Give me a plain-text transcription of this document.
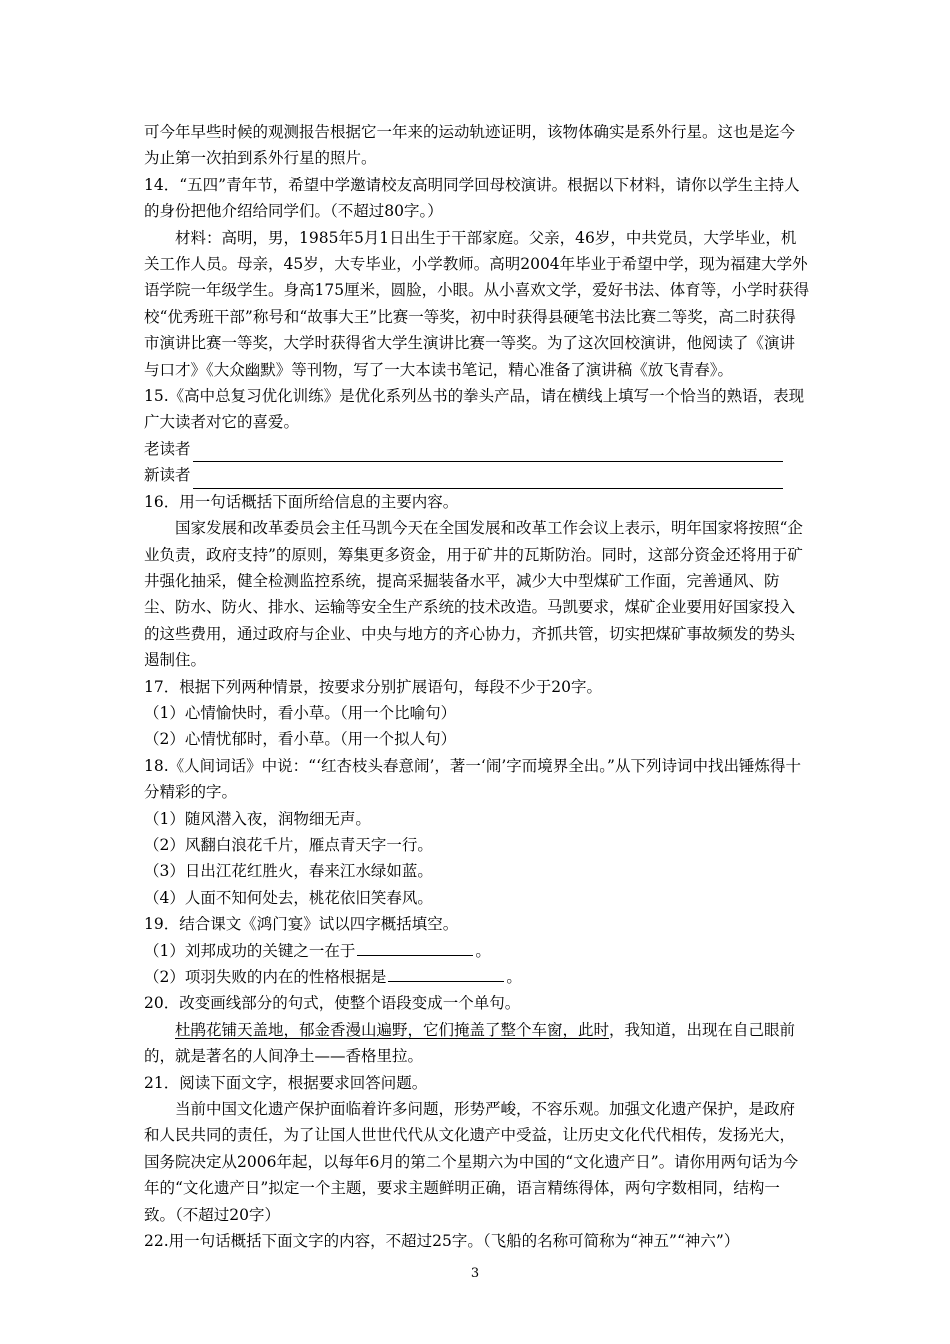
可今年早些时候的观测报告根据它一年来的运动轨迹证明，该物体确实是系外行星。这也是迄今为止第一次拍到系外行星的照片。

14．“五四”青年节，希望中学邀请校友高明同学回母校演讲。根据以下材料，请你以学生主持人的身份把他介绍给同学们。（不超过80字。）

材料：高明，男，1985年5月1日出生于干部家庭。父亲，46岁，中共党员，大学毕业，机关工作人员。母亲，45岁，大专毕业，小学教师。高明2004年毕业于希望中学，现为福建大学外语学院一年级学生。身高175厘米，圆脸，小眼。从小喜欢文学，爱好书法、体育等，小学时获得校“优秀班干部”称号和“故事大王”比赛一等奖，初中时获得县硬笔书法比赛二等奖，高二时获得市演讲比赛一等奖，大学时获得省大学生演讲比赛一等奖。为了这次回校演讲，他阅读了《演讲与口才》《大众幽默》等刊物，写了一大本读书笔记，精心准备了演讲稿《放飞青春》。

15.《高中总复习优化训练》是优化系列丛书的拳头产品，请在横线上填写一个恰当的熟语，表现广大读者对它的喜爱。

老读者

新读者

16．用一句话概括下面所给信息的主要内容。

国家发展和改革委员会主任马凯今天在全国发展和改革工作会议上表示，明年国家将按照“企业负责，政府支持”的原则，筹集更多资金，用于矿井的瓦斯防治。同时，这部分资金还将用于矿井强化抽采，健全检测监控系统，提高采掘装备水平，减少大中型煤矿工作面，完善通风、防尘、防水、防火、排水、运输等安全生产系统的技术改造。马凯要求，煤矿企业要用好国家投入的这些费用，通过政府与企业、中央与地方的齐心协力，齐抓共管，切实把煤矿事故频发的势头遏制住。

17．根据下列两种情景，按要求分别扩展语句，每段不少于20字。

（1）心情愉快时，看小草。（用一个比喻句）

（2）心情忧郁时，看小草。（用一个拟人句）

18.《人间词话》中说：“‘红杏枝头春意闹’，著一‘闹’字而境界全出。”从下列诗词中找出锤炼得十分精彩的字。

（1）随风潜入夜，润物细无声。

（2）风翻白浪花千片，雁点青天字一行。

（3）日出江花红胜火，春来江水绿如蓝。

（4）人面不知何处去，桃花依旧笑春风。

19．结合课文《鸿门宴》试以四字概括填空。

（1）刘邦成功的关键之一在于	。

（2）项羽失败的内在的性格根据是	。

20．改变画线部分的句式，使整个语段变成一个单句。

杜鹃花铺天盖地，郁金香漫山遍野，它们掩盖了整个车窗，此时，我知道，出现在自己眼前的，就是著名的人间净土——香格里拉。

21．阅读下面文字，根据要求回答问题。

当前中国文化遗产保护面临着许多问题，形势严峻，不容乐观。加强文化遗产保护，是政府和人民共同的责任，为了让国人世世代代从文化遗产中受益，让历史文化代代相传，发扬光大，国务院决定从2006年起，以每年6月的第二个星期六为中国的“文化遗产日”。请你用两句话为今年的“文化遗产日”拟定一个主题，要求主题鲜明正确，语言精练得体，两句字数相同，结构一致。（不超过20字）

22.用一句话概括下面文字的内容，不超过25字。（飞船的名称可简称为“神五”“神六”）

3
